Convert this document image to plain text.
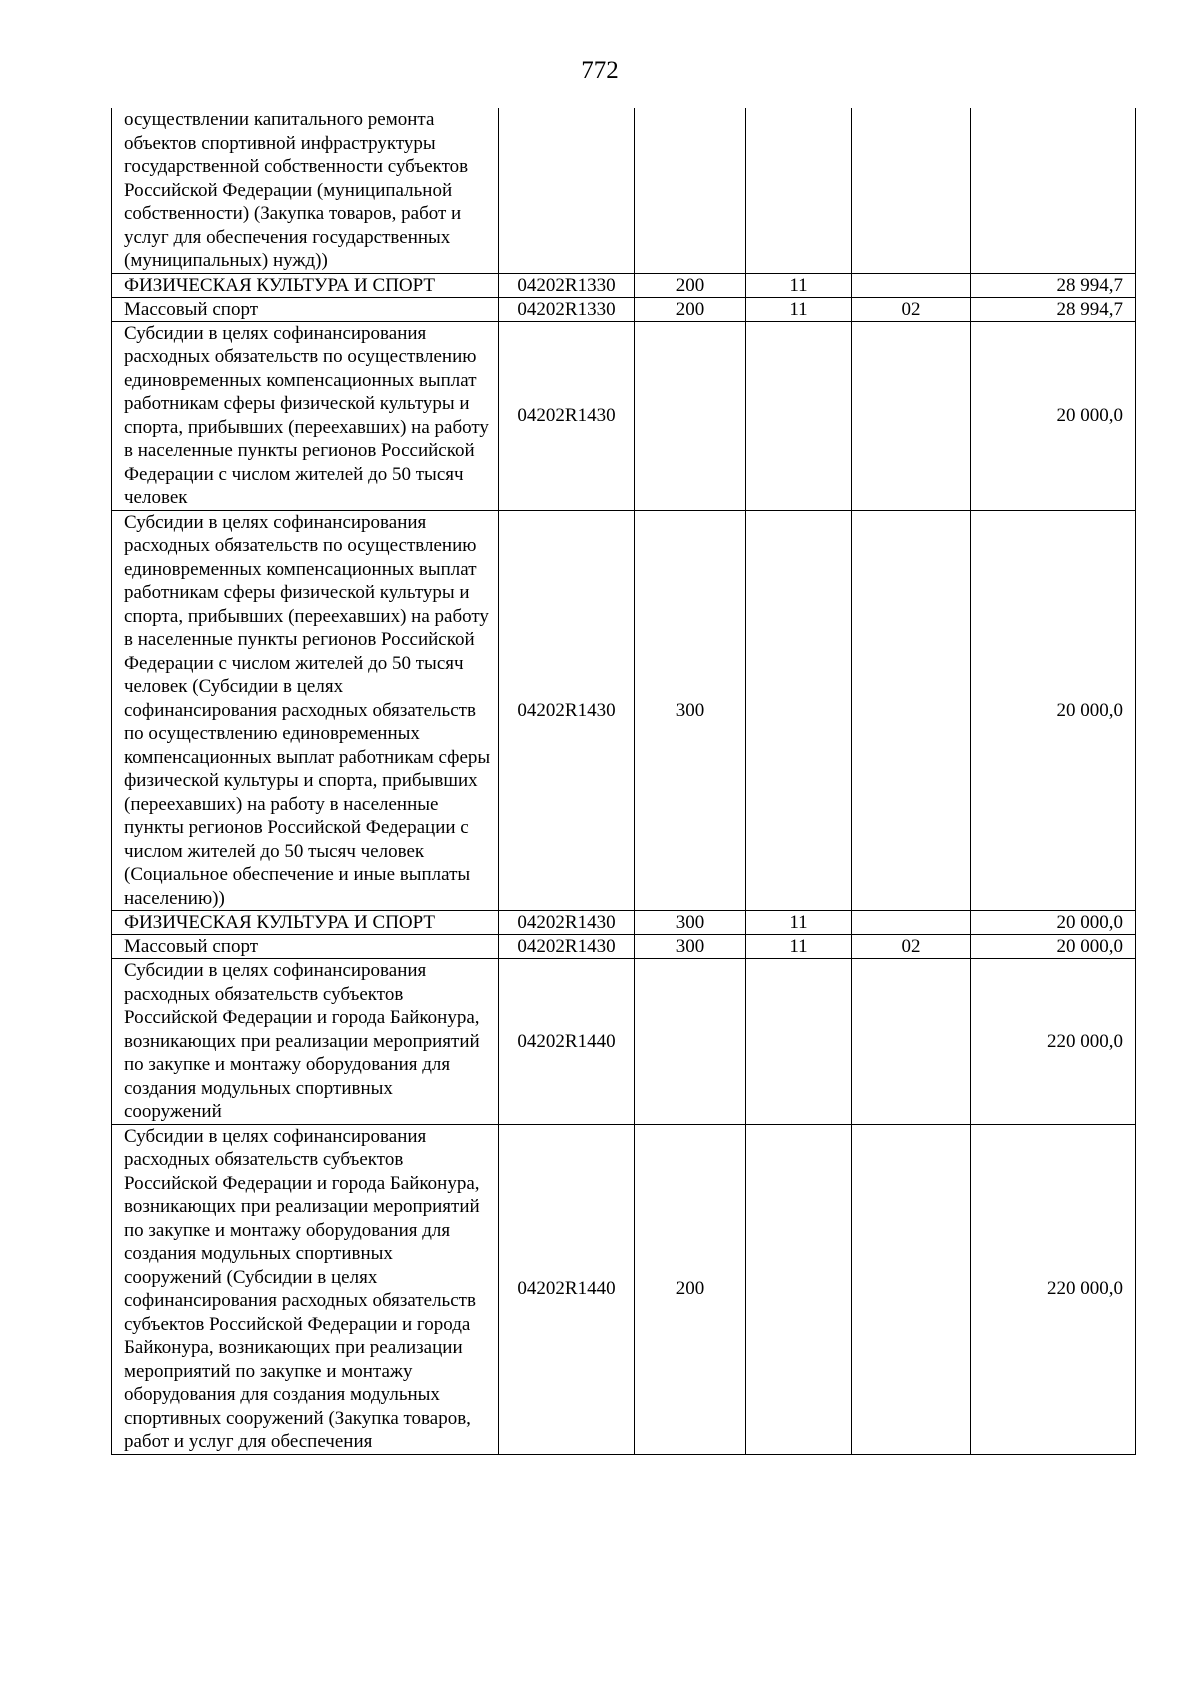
772
осуществлении капитального ремонта объектов спортивной инфраструктуры государственной собственности субъектов Российской Федерации (муниципальной собственности) (Закупка товаров, работ и услуг для обеспечения государственных (муниципальных) нужд))					
ФИЗИЧЕСКАЯ КУЛЬТУРА И СПОРТ	04202R1330	200	11		28 994,7
Массовый спорт	04202R1330	200	11	02	28 994,7
Субсидии в целях софинансирования расходных обязательств по осуществлению единовременных компенсационных выплат работникам сферы физической культуры и спорта, прибывших (переехавших) на работу в населенные пункты регионов Российской Федерации с числом жителей до 50 тысяч человек	04202R1430				20 000,0
Субсидии в целях софинансирования расходных обязательств по осуществлению единовременных компенсационных выплат работникам сферы физической культуры и спорта, прибывших (переехавших) на работу в населенные пункты регионов Российской Федерации с числом жителей до 50 тысяч человек (Субсидии в целях софинансирования расходных обязательств по осуществлению единовременных компенсационных выплат работникам сферы физической культуры и спорта, прибывших (переехавших) на работу в населенные пункты регионов Российской Федерации с числом жителей до 50 тысяч человек (Социальное обеспечение и иные выплаты населению))	04202R1430	300			20 000,0
ФИЗИЧЕСКАЯ КУЛЬТУРА И СПОРТ	04202R1430	300	11		20 000,0
Массовый спорт	04202R1430	300	11	02	20 000,0
Субсидии в целях софинансирования расходных обязательств субъектов Российской Федерации и города Байконура, возникающих при реализации мероприятий по закупке и монтажу оборудования для создания модульных спортивных сооружений	04202R1440				220 000,0
Субсидии в целях софинансирования расходных обязательств субъектов Российской Федерации и города Байконура, возникающих при реализации мероприятий по закупке и монтажу оборудования для создания модульных спортивных сооружений (Субсидии в целях софинансирования расходных обязательств субъектов Российской Федерации и города Байконура, возникающих при реализации мероприятий по закупке и монтажу оборудования для создания модульных спортивных сооружений (Закупка товаров, работ и услуг для обеспечения	04202R1440	200			220 000,0
